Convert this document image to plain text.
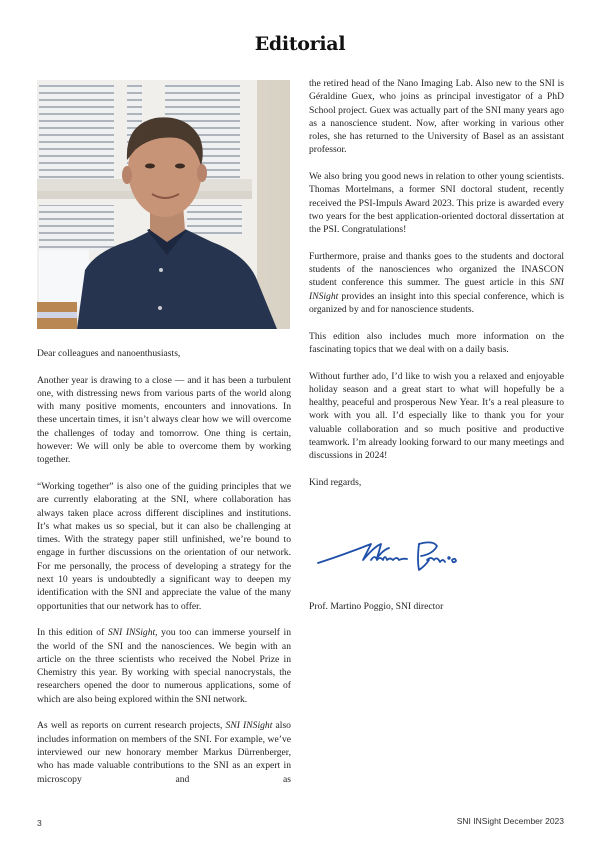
Editorial

Dear colleagues and nanoenthusiasts,

Another year is drawing to a close — and it has been a turbulent one, with distressing news from various parts of the world along with many positive moments, encounters and innovations. In these uncertain times, it isn’t always clear how we will overcome the challenges of today and tomorrow. One thing is certain, however: We will only be able to overcome them by working together.

“Working together” is also one of the guiding principles that we are currently elaborating at the SNI, where collaboration has always taken place across different disciplines and institutions. It’s what makes us so special, but it can also be challenging at times. With the strategy paper still unfinished, we’re bound to engage in further discussions on the orientation of our network. For me personally, the process of developing a strategy for the next 10 years is undoubtedly a significant way to deepen my identification with the SNI and appreciate the value of the many opportunities that our network has to offer.

In this edition of SNI INSight, you too can immerse yourself in the world of the SNI and the nanosciences. We begin with an article on the three scientists who received the Nobel Prize in Chemistry this year. By working with special nanocrystals, the researchers opened the door to numerous applications, some of which are also being explored within the SNI network.

As well as reports on current research projects, SNI INSight also includes information on members of the SNI. For example, we’ve interviewed our new honorary member Markus Dürrenberger, who has made valuable contributions to the SNI as an expert in microscopy and as

the retired head of the Nano Imaging Lab. Also new to the SNI is Géraldine Guex, who joins as principal investigator of a PhD School project. Guex was actually part of the SNI many years ago as a nanoscience student. Now, after working in various other roles, she has returned to the University of Basel as an assistant professor.

We also bring you good news in relation to other young scientists. Thomas Mortelmans, a former SNI doctoral student, recently received the PSI-Impuls Award 2023. This prize is awarded every two years for the best application-oriented doctoral dissertation at the PSI. Congratulations!

Furthermore, praise and thanks goes to the students and doctoral students of the nanosciences who organized the INASCON student conference this summer. The guest article in this SNI INSight provides an insight into this special conference, which is organized by and for nanoscience students.

This edition also includes much more information on the fascinating topics that we deal with on a daily basis.

Without further ado, I’d like to wish you a relaxed and enjoyable holiday season and a great start to what will hopefully be a healthy, peaceful and prosperous New Year. It’s a real pleasure to work with you all. I’d especially like to thank you for your valuable collaboration and so much positive and productive teamwork. I’m already looking forward to our many meetings and discussions in 2024!

Kind regards,

Prof. Martino Poggio, SNI director
3	SNI INSight December 2023
